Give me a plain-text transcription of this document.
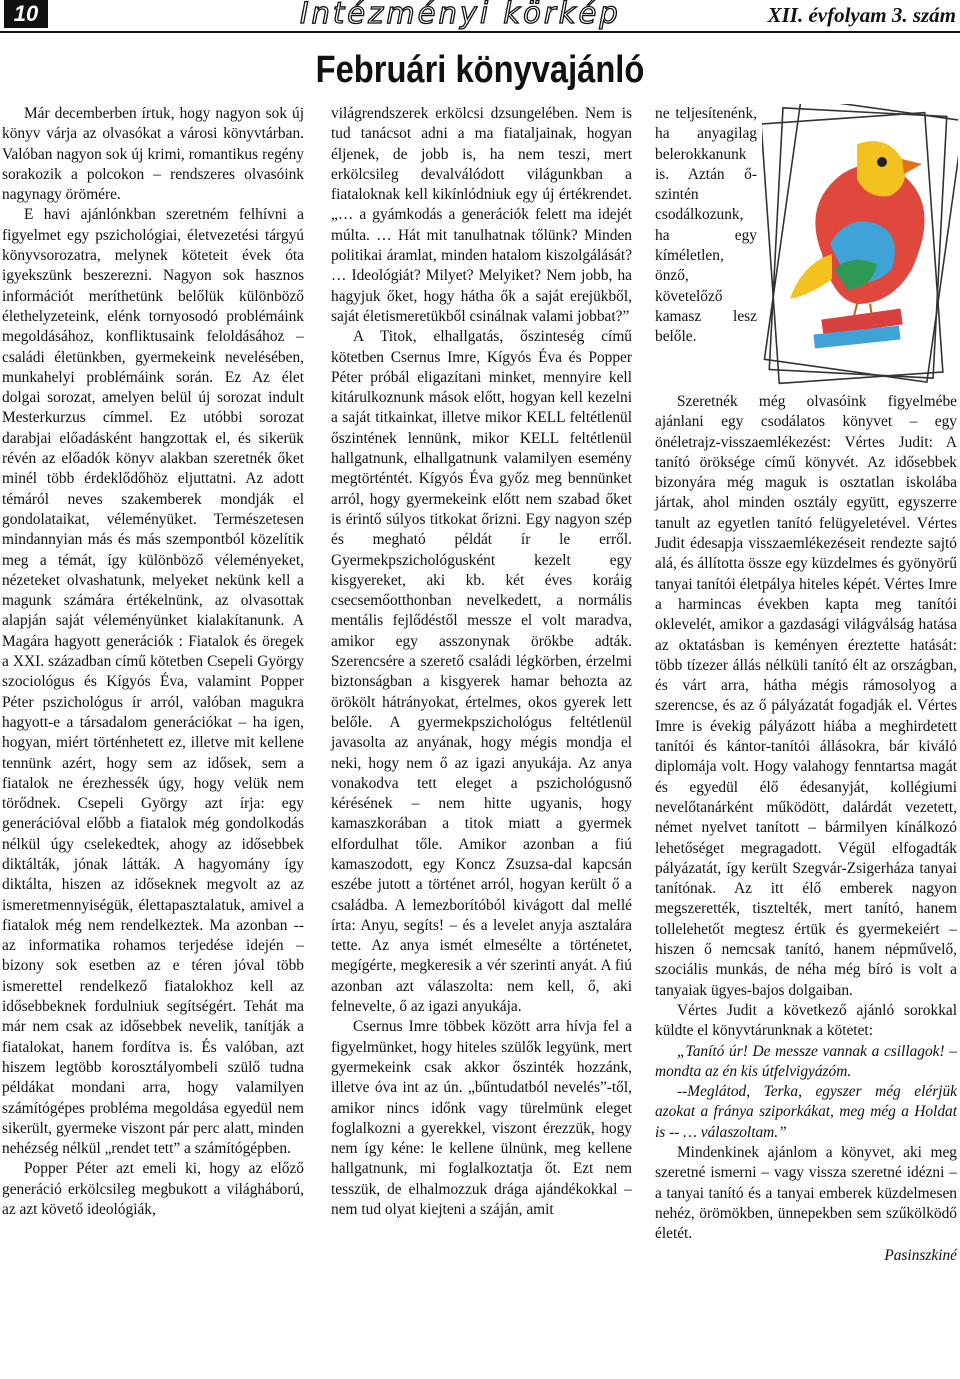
10	Intézményi körkép	XII. évfolyam 3. szám
Februári könyvajánló

Már decemberben írtuk, hogy nagyon sok új könyv várja az olvasókat a városi könyvtárban. Valóban nagyon sok új krimi, romantikus regény sorakozik a polcokon – rendszeres olvasóink nagynagy örömére.

E havi ajánlónkban szeretném felhívni a figyelmet egy pszichológiai, életvezetési tárgyú könyvsorozatra, melynek köteteit évek óta igyekszünk beszerezni. Nagyon sok hasznos információt meríthetünk belőlük különböző élethelyzeteink, elénk tornyosodó problémáink megoldásához, konfliktusaink feloldásához – családi életünkben, gyermekeink nevelésében, munkahelyi problémáink során. Ez Az élet dolgai sorozat, amelyen belül új sorozat indult Mesterkurzus címmel. Ez utóbbi sorozat darabjai előadásként hangzottak el, és sikerük révén az előadók könyv alakban szeretnék őket minél több érdeklődőhöz eljuttatni. Az adott témáról neves szakemberek mondják el gondolataikat, véleményüket. Természetesen mindannyian más és más szempontból közelítik meg a témát, így különböző véleményeket, nézeteket olvashatunk, melyeket nekünk kell a magunk számára értékelnünk, az olvasottak alapján saját véleményünket kialakítanunk. A Magára hagyott generációk : Fiatalok és öregek a XXI. században című kötetben Csepeli György szociológus és Kígyós Éva, valamint Popper Péter pszichológus ír arról, valóban magukra hagyott-e a társadalom generációkat – ha igen, hogyan, miért történhetett ez, illetve mit kellene tennünk azért, hogy sem az idősek, sem a fiatalok ne érezhessék úgy, hogy velük nem törődnek. Csepeli György azt írja: egy generációval előbb a fiatalok még gondolkodás nélkül úgy cselekedtek, ahogy az idősebbek diktálták, jónak látták. A hagyomány így diktálta, hiszen az időseknek megvolt az az ismeretmennyiségük, élettapasztalatuk, amivel a fiatalok még nem rendelkeztek. Ma azonban -- az informatika rohamos terjedése idején – bizony sok esetben az e téren jóval több ismerettel rendelkező fiatalokhoz kell az idősebbeknek fordulniuk segítségért. Tehát ma már nem csak az idősebbek nevelik, tanítják a fiatalokat, hanem fordítva is. És valóban, azt hiszem legtöbb korosztályombeli szülő tudna példákat mondani arra, hogy valamilyen számítógépes probléma megoldása egyedül nem sikerült, gyermeke viszont pár perc alatt, minden nehézség nélkül „rendet tett” a számítógépben.

Popper Péter azt emeli ki, hogy az előző generáció erkölcsileg megbukott a világháború, az azt követő ideológiák,

világrendszerek erkölcsi dzsungelében. Nem is tud tanácsot adni a ma fiataljainak, hogyan éljenek, de jobb is, ha nem teszi, mert erkölcsileg devalválódott világunkban a fiataloknak kell kikínlódniuk egy új értékrendet. „… a gyámkodás a generációk felett ma idejét múlta. … Hát mit tanulhatnak tőlünk? Minden politikai áramlat, minden hatalom kiszolgálását? … Ideológiát? Milyet? Melyiket? Nem jobb, ha hagyjuk őket, hogy hátha ők a saját erejükből, saját életismeretükből csinálnak valami jobbat?”

A Titok, elhallgatás, őszinteség című kötetben Csernus Imre, Kígyós Éva és Popper Péter próbál eligazítani minket, mennyire kell kitárulkoznunk mások előtt, hogyan kell kezelni a saját titkainkat, illetve mikor KELL feltétlenül őszintének lennünk, mikor KELL feltétlenül hallgatnunk, elhallgatnunk valamilyen esemény megtörténtét. Kígyós Éva győz meg bennünket arról, hogy gyermekeink előtt nem szabad őket is érintő súlyos titkokat őrizni. Egy nagyon szép és megható példát ír le erről. Gyermekpszichológusként kezelt egy kisgyereket, aki kb. két éves koráig csecsemőotthonban nevelkedett, a normális mentális fejlődéstől messze el volt maradva, amikor egy asszonynak örökbe adták. Szerencsére a szerető családi légkörben, érzelmi biztonságban a kisgyerek hamar behozta az örökölt hátrányokat, értelmes, okos gyerek lett belőle. A gyermekpszichológus feltétlenül javasolta az anyának, hogy mégis mondja el neki, hogy nem ő az igazi anyukája. Az anya vonakodva tett eleget a pszichológusnő kérésének – nem hitte ugyanis, hogy kamaszkorában a titok miatt a gyermek elfordulhat tőle. Amikor azonban a fiú kamaszodott, egy Koncz Zsuzsa-dal kapcsán eszébe jutott a történet arról, hogyan került ő a családba. A lemezborítóból kivágott dal mellé írta: Anyu, segíts! – és a levelet anyja asztalára tette. Az anya ismét elmesélte a történetet, megígérte, megkeresik a vér szerinti anyát. A fiú azonban azt válaszolta: nem kell, ő, aki felnevelte, ő az igazi anyukája.

Csernus Imre többek között arra hívja fel a figyelmünket, hogy hiteles szülők legyünk, mert gyermekeink csak akkor őszinték hozzánk, illetve óva int az ún. „bűntudatból nevelés”-től, amikor nincs időnk vagy türelmünk eleget foglalkozni a gyerekkel, viszont érezzük, hogy nem így kéne: le kellene ülnünk, meg kellene hallgatnunk, mi foglalkoztatja őt. Ezt nem tesszük, de elhalmozzuk drága ajándékokkal – nem tud olyat kiejteni a száján, amit

ne teljesítenénk, ha anyagilag belerokkanunk is. Aztán ő-szintén csodálkozunk, ha egy kíméletlen, önző, követelőző kamasz lesz belőle.

Szeretnék még olvasóink figyelmébe ajánlani egy csodálatos könyvet – egy önéletrajz-visszaemlékezést: Vértes Judit: A tanító öröksége című könyvét. Az idősebbek bizonyára még maguk is osztatlan iskolába jártak, ahol minden osztály együtt, egyszerre tanult az egyetlen tanító felügyeletével. Vértes Judit édesapja visszaemlékezéseit rendezte sajtó alá, és állította össze egy küzdelmes és gyönyörű tanyai tanítói életpálya hiteles képét. Vértes Imre a harmincas években kapta meg tanítói oklevelét, amikor a gazdasági világválság hatása az oktatásban is keményen éreztette hatását: több tízezer állás nélküli tanító élt az országban, és várt arra, hátha mégis rámosolyog a szerencse, és az ő pályázatát fogadják el. Vértes Imre is évekig pályázott hiába a meghirdetett tanítói és kántor-tanítói állásokra, bár kiváló diplomája volt. Hogy valahogy fenntartsa magát és egyedül élő édesanyját, kollégiumi nevelőtanárként működött, dalárdát vezetett, német nyelvet tanított – bármilyen kínálkozó lehetőséget megragadott. Végül elfogadták pályázatát, így került Szegvár-Zsigerháza tanyai tanítónak. Az itt élő emberek nagyon megszerették, tisztelték, mert tanító, hanem tollelehetőt megtesz értük és gyermekeiért – hiszen ő nemcsak tanító, hanem népművelő, szociális munkás, de néha még bíró is volt a tanyaiak ügyes-bajos dolgaiban.

Vértes Judit a következő ajánló sorokkal küldte el könyvtárunknak a kötetet:

„Tanító úr! De messze vannak a csillagok! – mondta az én kis útfelvigyázóm.

--Meglátod, Terka, egyszer még elérjük azokat a fránya sziporkákat, meg még a Holdat is -- … válaszoltam.”

Mindenkinek ajánlom a könyvet, aki meg szeretné ismerni – vagy vissza szeretné idézni – a tanyai tanító és a tanyai emberek küzdelmesen nehéz, örömökben, ünnepekben sem szűkölködő életét.

Pasinszkiné
